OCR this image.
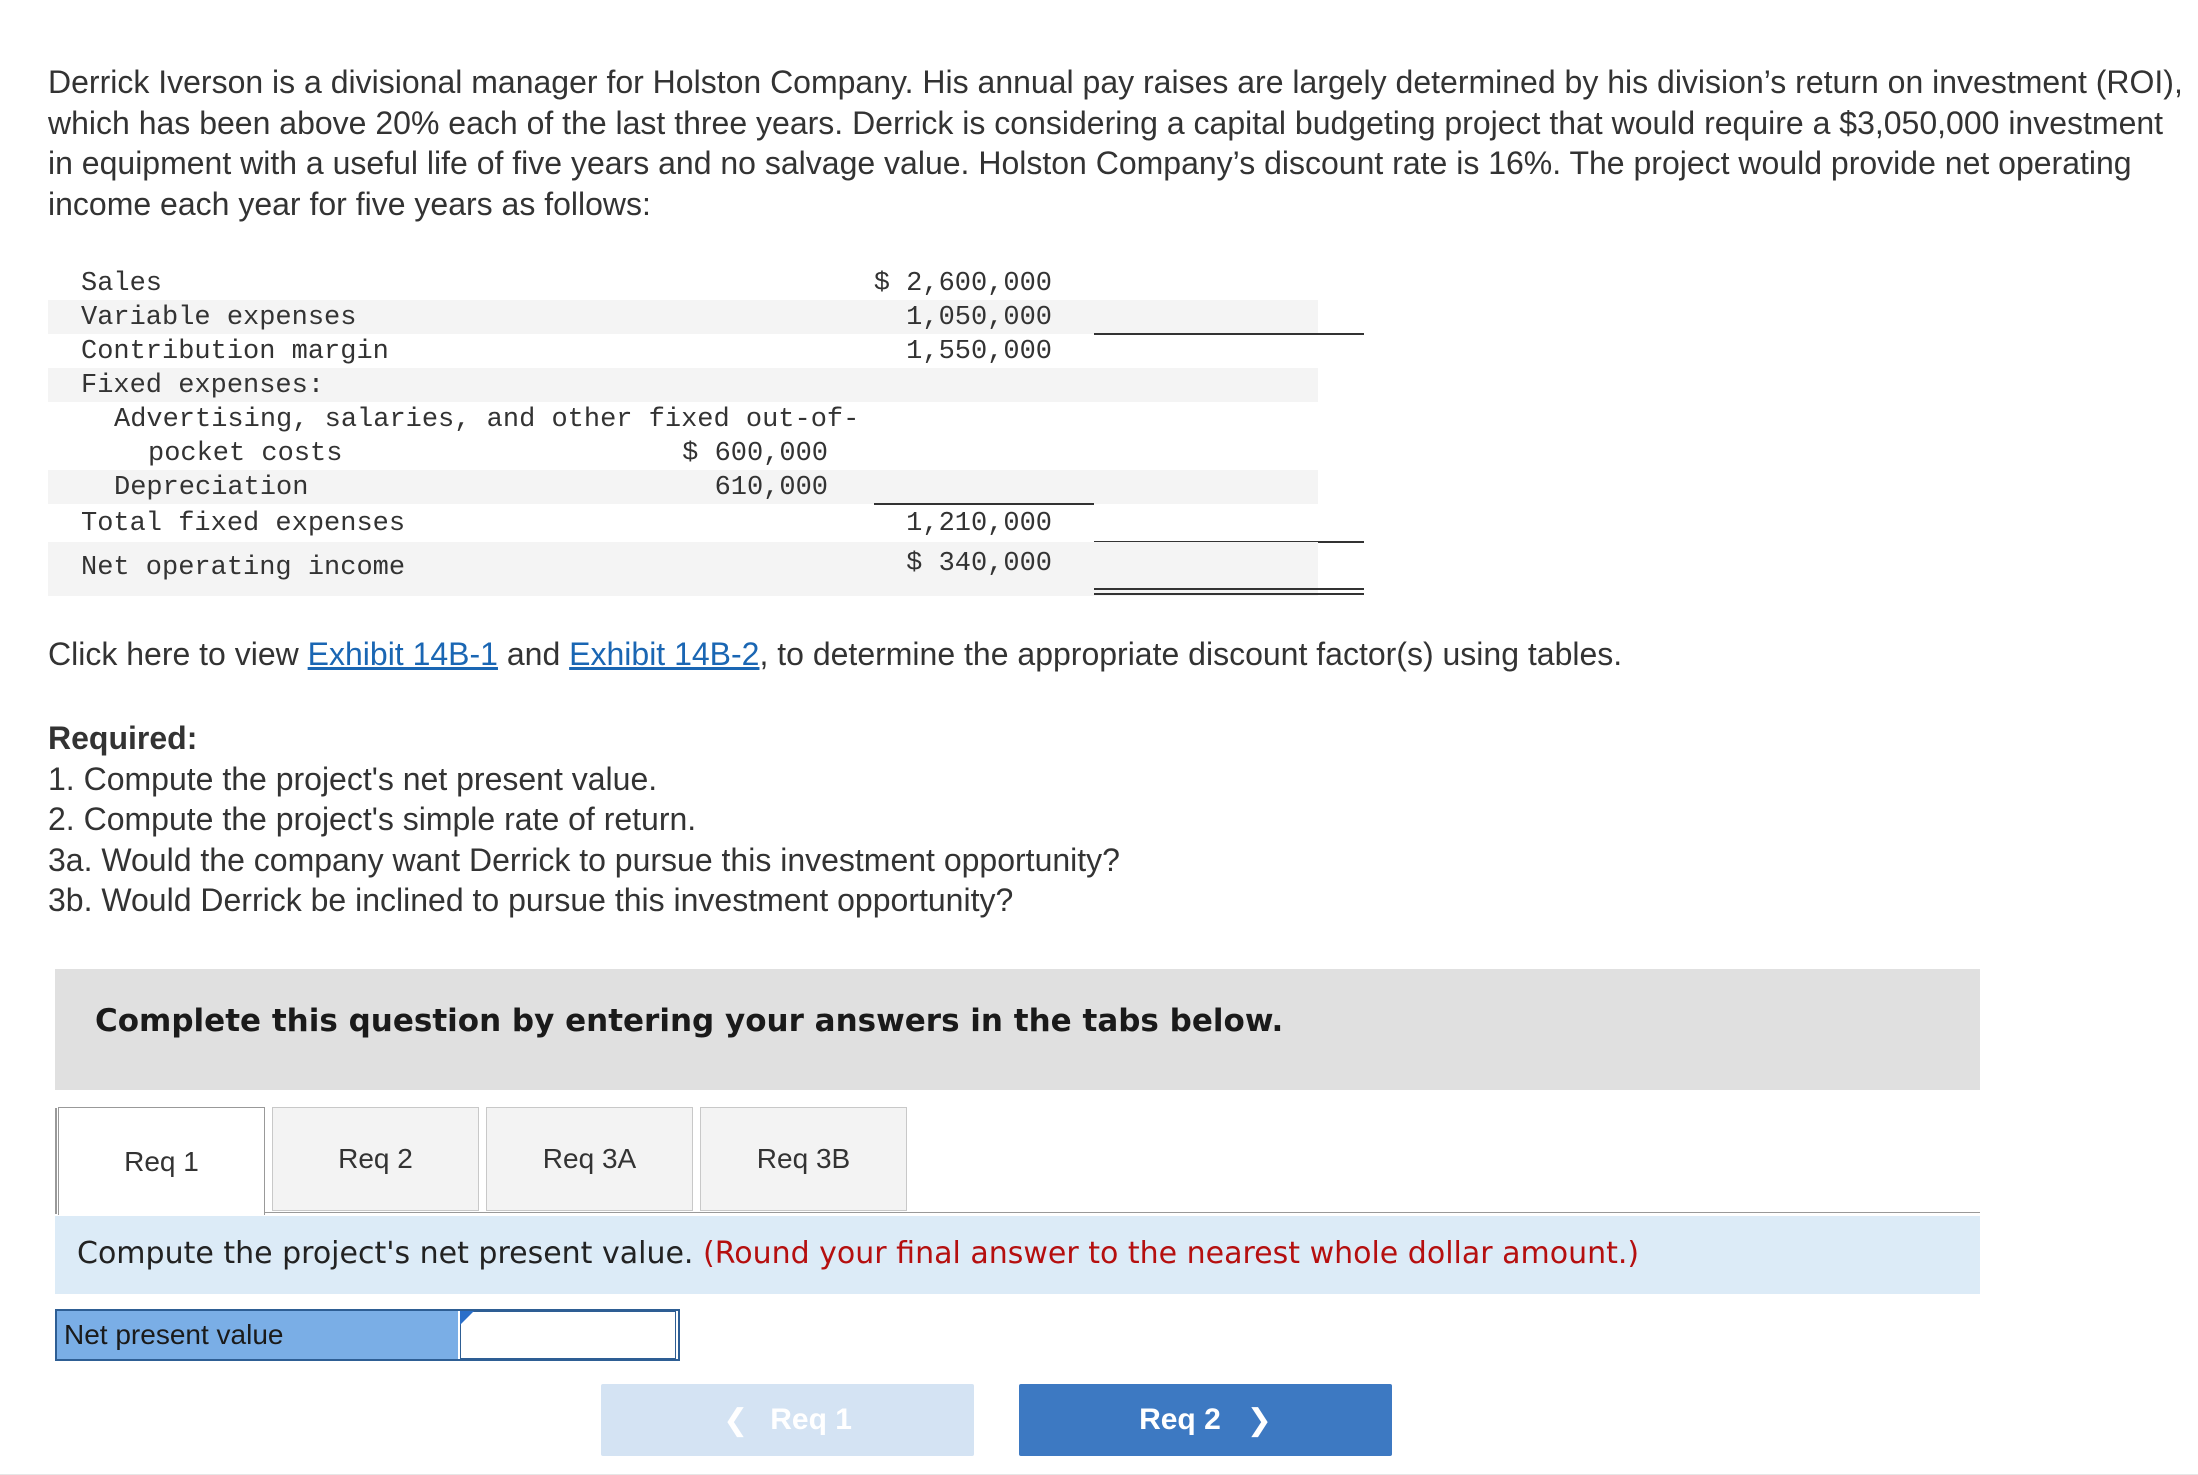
Derrick Iverson is a divisional manager for Holston Company. His annual pay raises are largely determined by his division’s return on investment (ROI), which has been above 20% each of the last three years. Derrick is considering a capital budgeting project that would require a $3,050,000 investment in equipment with a useful life of five years and no salvage value. Holston Company’s discount rate is 16%. The project would provide net operating income each year for five years as follows:

Sales	$ 2,600,000
Variable expenses	1,050,000
Contribution margin	1,550,000
Fixed expenses:
Advertising, salaries, and other fixed out-of-
pocket costs	$ 600,000
Depreciation	610,000
Total fixed expenses	1,210,000
Net operating income	$ 340,000

Click here to view Exhibit 14B-1 and Exhibit 14B-2, to determine the appropriate discount factor(s) using tables.

Required:
1. Compute the project's net present value.
2. Compute the project's simple rate of return.
3a. Would the company want Derrick to pursue this investment opportunity?
3b. Would Derrick be inclined to pursue this investment opportunity?
Complete this question by entering your answers in the tabs below.
Req 1	Req 2	Req 3A	Req 3B
Compute the project's net present value. (Round your final answer to the nearest whole dollar amount.)
Net present value
❮ Req 1	Req 2 ❯
